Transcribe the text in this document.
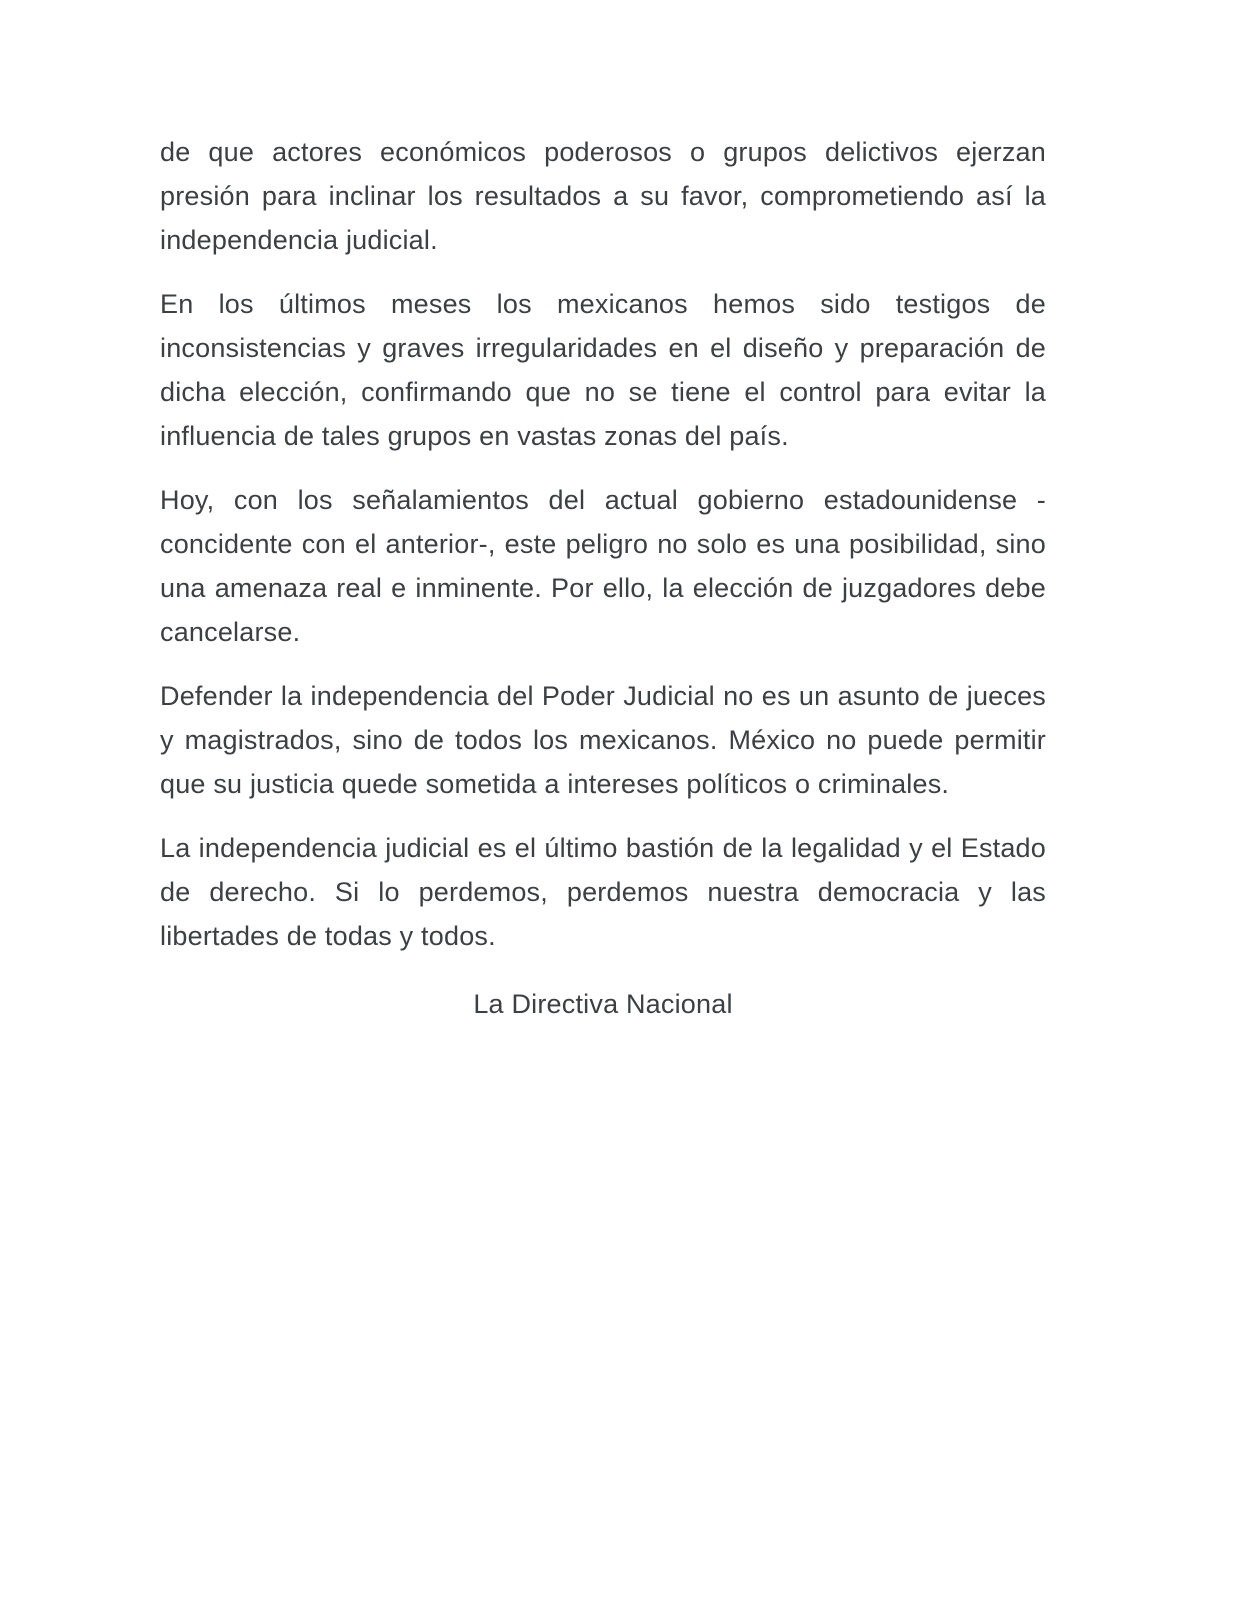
de que actores económicos poderosos o grupos delictivos ejerzan presión para inclinar los resultados a su favor, comprometiendo así la independencia judicial.

En los últimos meses los mexicanos hemos sido testigos de inconsistencias y graves irregularidades en el diseño y preparación de dicha elección, confirmando que no se tiene el control para evitar la influencia de tales grupos en vastas zonas del país.

Hoy, con los señalamientos del actual gobierno estadounidense - concidente con el anterior-, este peligro no solo es una posibilidad, sino una amenaza real e inminente. Por ello, la elección de juzgadores debe cancelarse.

Defender la independencia del Poder Judicial no es un asunto de jueces y magistrados, sino de todos los mexicanos. México no puede permitir que su justicia quede sometida a intereses políticos o criminales.

La independencia judicial es el último bastión de la legalidad y el Estado de derecho. Si lo perdemos, perdemos nuestra democracia y las libertades de todas y todos.

La Directiva Nacional
